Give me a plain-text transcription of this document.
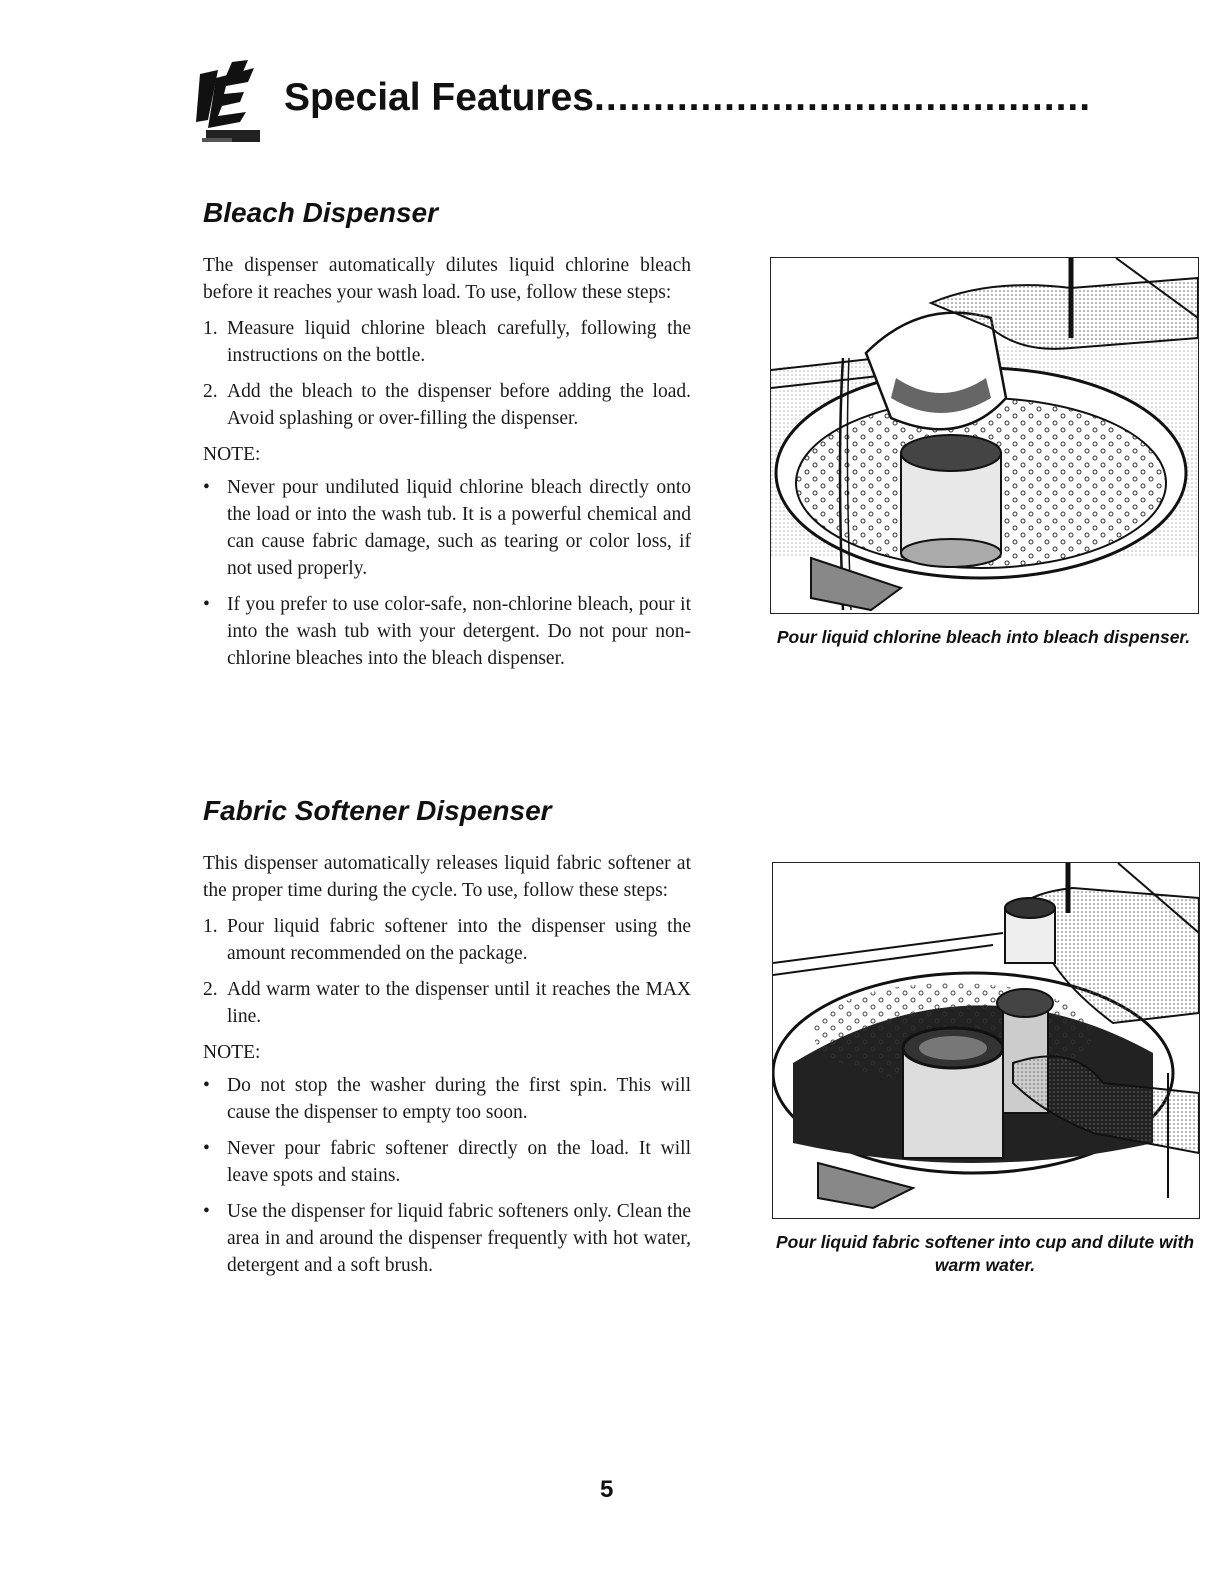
Special Features..........................................
Bleach Dispenser

The dispenser automatically dilutes liquid chlorine bleach before it reaches your wash load. To use, follow these steps:

1. Measure liquid chlorine bleach carefully, following the instructions on the bottle.
2. Add the bleach to the dispenser before adding the load. Avoid splashing or over-filling the dispenser.
NOTE:
• Never pour undiluted liquid chlorine bleach directly onto the load or into the wash tub. It is a powerful chemical and can cause fabric damage, such as tearing or color loss, if not used properly.
• If you prefer to use color-safe, non-chlorine bleach, pour it into the wash tub with your detergent. Do not pour non-chlorine bleaches into the bleach dispenser.
Pour liquid chlorine bleach into bleach dispenser.
Fabric Softener Dispenser

This dispenser automatically releases liquid fabric softener at the proper time during the cycle. To use, follow these steps:

1. Pour liquid fabric softener into the dispenser using the amount recommended on the package.
2. Add warm water to the dispenser until it reaches the MAX line.
NOTE:
• Do not stop the washer during the first spin. This will cause the dispenser to empty too soon.
• Never pour fabric softener directly on the load. It will leave spots and stains.
• Use the dispenser for liquid fabric softeners only. Clean the area in and around the dispenser frequently with hot water, detergent and a soft brush.
Pour liquid fabric softener into cup and dilute with warm water.
5
